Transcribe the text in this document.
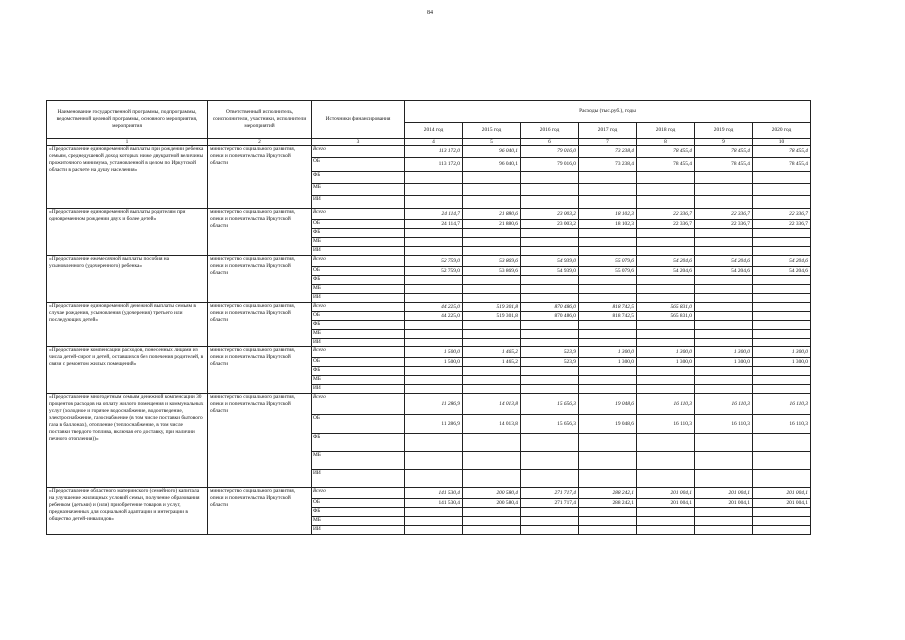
84
Наименование государственной программы, подпрограммы, ведомственной целевой программы, основного мероприятия, мероприятия	Ответственный исполнитель, соисполнители, участники, исполнители мероприятий	Источники финансирования	Расходы (тыс.руб.), годы						
			2014 год	2015 год	2016 год	2017 год	2018 год	2019 год	2020 год
1	2	3	4	5	6	7	8	9	10
«Предоставление единовременной выплаты при рождении ребенка семьям, среднедушевой доход которых ниже двукратной величины прожиточного минимума, установленной в целом по Иркутской области в расчете на душу населения»	министерство социального развития, опеки и попечительства Иркутской области	Всего	113 172,0	96 040,1	79 016,0	73 238,4	78 455,4	78 455,4	78 455,4
		ОБ	113 172,0	96 040,1	79 016,0	73 238,4	78 455,4	78 455,4	78 455,4
		ФБ							
		МБ							
		ИИ							
«Предоставление единовременной выплаты родителям при одновременном рождении двух и более детей»	министерство социального развития, опеки и попечительства Иркутской области	Всего	24 114,7	21 880,6	23 003,2	18 102,3	22 336,7	22 336,7	22 336,7
		ОБ	24 114,7	21 880,6	23 003,2	18 102,3	22 336,7	22 336,7	22 336,7
		ФБ							
		МБ							
		ИИ							
«Предоставление ежемесячной выплаты пособия на усыновленного (удочеренного) ребенка»	министерство социального развития, опеки и попечительства Иркутской области	Всего	52 759,0	53 869,6	54 939,0	55 079,6	54 204,6	54 204,6	54 204,6
		ОБ	52 759,0	53 869,6	54 939,0	55 079,6	54 204,6	54 204,6	54 204,6
		ФБ							
		МБ							
		ИИ							
«Предоставление единовременной денежной выплаты семьям в случае рождения, усыновления (удочерения) третьего или последующих детей»	министерство социального развития, опеки и попечительства Иркутской области	Всего	44 225,0	519 301,8	870 486,0	818 742,5	565 831,0		
		ОБ	44 225,0	519 301,8	870 486,0	818 742,5	565 831,0		
		ФБ							
		МБ							
		ИИ							
«Предоставление компенсации расходов, понесенных лицами из числа детей-сирот и детей, оставшихся без попечения родителей, в связи с ремонтом жилых помещений»	министерство социального развития, опеки и попечительства Иркутской области	Всего	1 500,0	1 465,2	523,9	1 300,0	1 300,0	1 300,0	1 300,0
		ОБ	1 500,0	1 465,2	523,9	1 300,0	1 300,0	1 300,0	1 300,0
		ФБ							
		МБ							
		ИИ							
«Предоставление многодетным семьям денежной компенсации 30 процентов расходов на оплату жилого помещения и коммунальных услуг (холодное и горячее водоснабжение, водоотведение, электроснабжение, газоснабжение (в том числе поставки бытового газа в баллонах), отопление (теплоснабжение, в том числе поставки твердого топлива, включая его доставку, при наличии печного отопления))»	министерство социального развития, опеки и попечительства Иркутской области	Всего	11 286,9	14 013,8	15 656,3	19 048,6	16 110,3	16 110,3	16 110,3
		ОБ	11 286,9	14 013,8	15 656,3	19 048,6	16 110,3	16 110,3	16 110,3
		ФБ							
		МБ							
		ИИ							
«Предоставление областного материнского (семейного) капитала на улучшение жилищных условий семьи, получение образования ребенком (детьми) и (или) приобретение товаров и услуг, предназначенных для социальной адаптации и интеграции в общество детей-инвалидов»	министерство социального развития, опеки и попечительства Иркутской области	Всего	141 530,4	200 580,4	271 717,4	288 242,1	201 004,1	201 004,1	201 004,1
		ОБ	141 530,4	200 580,4	271 717,4	288 242,1	201 004,1	201 004,1	201 004,1
		ФБ							
		МБ							
		ИИ							
